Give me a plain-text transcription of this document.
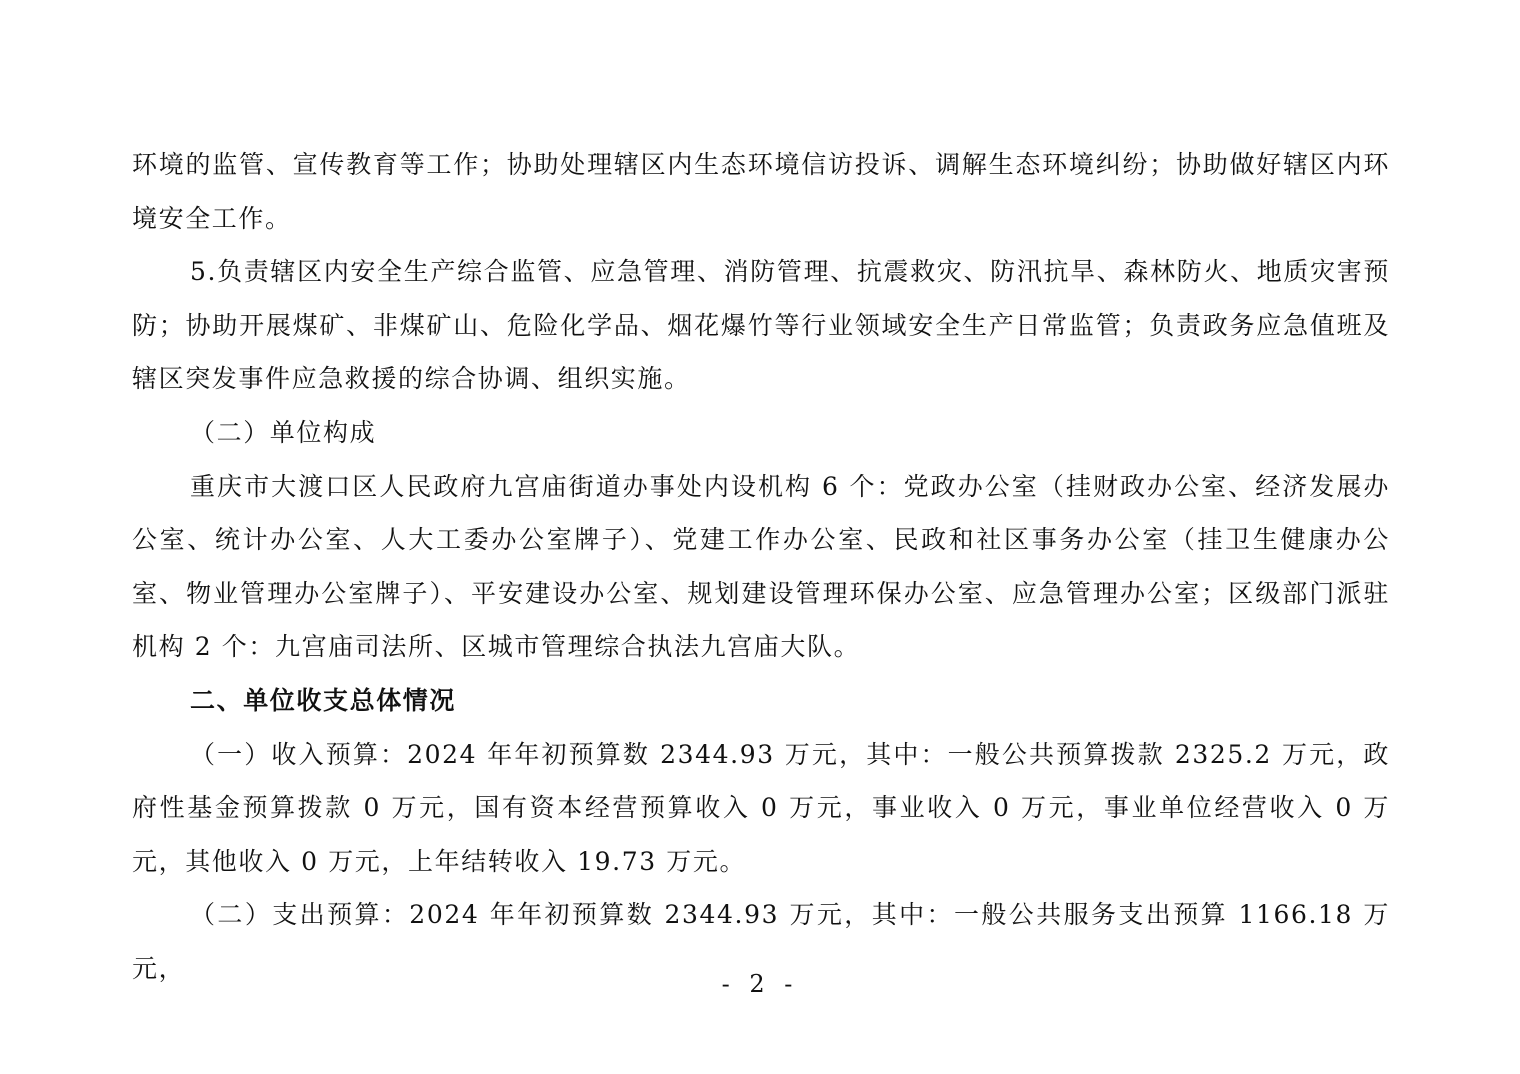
环境的监管、宣传教育等工作；协助处理辖区内生态环境信访投诉、调解生态环境纠纷；协助做好辖区内环境安全工作。

5.负责辖区内安全生产综合监管、应急管理、消防管理、抗震救灾、防汛抗旱、森林防火、地质灾害预防；协助开展煤矿、非煤矿山、危险化学品、烟花爆竹等行业领域安全生产日常监管；负责政务应急值班及辖区突发事件应急救援的综合协调、组织实施。

（二）单位构成

重庆市大渡口区人民政府九宫庙街道办事处内设机构 6 个：党政办公室（挂财政办公室、经济发展办公室、统计办公室、人大工委办公室牌子）、党建工作办公室、民政和社区事务办公室（挂卫生健康办公室、物业管理办公室牌子）、平安建设办公室、规划建设管理环保办公室、应急管理办公室；区级部门派驻机构 2 个：九宫庙司法所、区城市管理综合执法九宫庙大队。

二、单位收支总体情况

（一）收入预算：2024 年年初预算数 2344.93 万元，其中：一般公共预算拨款 2325.2 万元，政府性基金预算拨款 0 万元，国有资本经营预算收入 0 万元，事业收入 0 万元，事业单位经营收入 0 万元，其他收入 0 万元，上年结转收入 19.73 万元。

（二）支出预算：2024 年年初预算数 2344.93 万元，其中：一般公共服务支出预算 1166.18 万元，

- 2 -
